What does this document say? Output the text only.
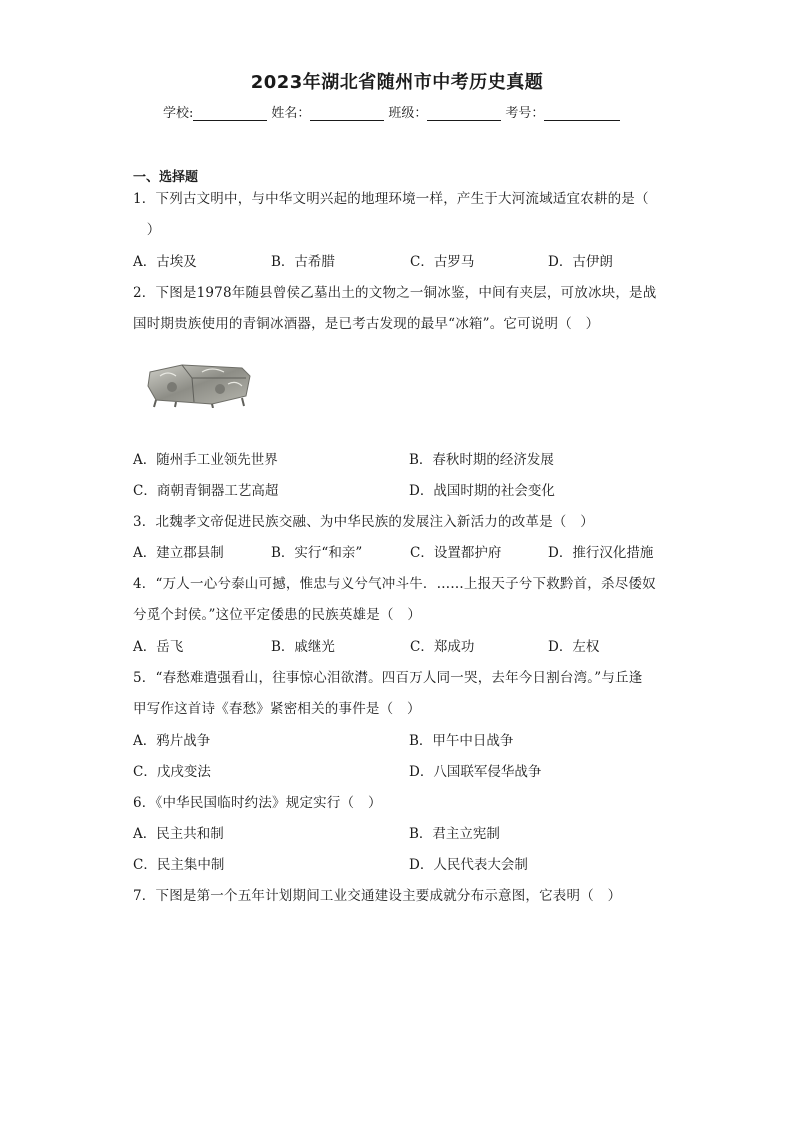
2023年湖北省随州市中考历史真题
学校:	姓名：	班级：	考号：
一、选择题
1．下列古文明中，与中华文明兴起的地理环境一样，产生于大河流域适宜农耕的是（
　）
A．古埃及	B．古希腊	C．古罗马	D．古伊朗
2．下图是1978年随县曾侯乙墓出土的文物之一铜冰鉴，中间有夹层，可放冰块，是战
国时期贵族使用的青铜冰酒器，是已考古发现的最早“冰箱”。它可说明（　）
A．随州手工业领先世界	B．春秋时期的经济发展
C．商朝青铜器工艺高超	D．战国时期的社会变化
3．北魏孝文帝促进民族交融、为中华民族的发展注入新活力的改革是（　）
A．建立郡县制	B．实行“和亲”	C．设置都护府	D．推行汉化措施
4．“万人一心兮泰山可撼，惟忠与义兮气冲斗牛．……上报天子兮下救黔首，杀尽倭奴
兮觅个封侯。”这位平定倭患的民族英雄是（　）
A．岳飞	B．戚继光	C．郑成功	D．左权
5．“春愁难遣强看山，往事惊心泪欲潸。四百万人同一哭，去年今日割台湾。”与丘逢
甲写作这首诗《春愁》紧密相关的事件是（　）
A．鸦片战争	B．甲午中日战争
C．戊戌变法	D．八国联军侵华战争
6．《中华民国临时约法》规定实行（　）
A．民主共和制	B．君主立宪制
C．民主集中制	D．人民代表大会制
7．下图是第一个五年计划期间工业交通建设主要成就分布示意图，它表明（　）
